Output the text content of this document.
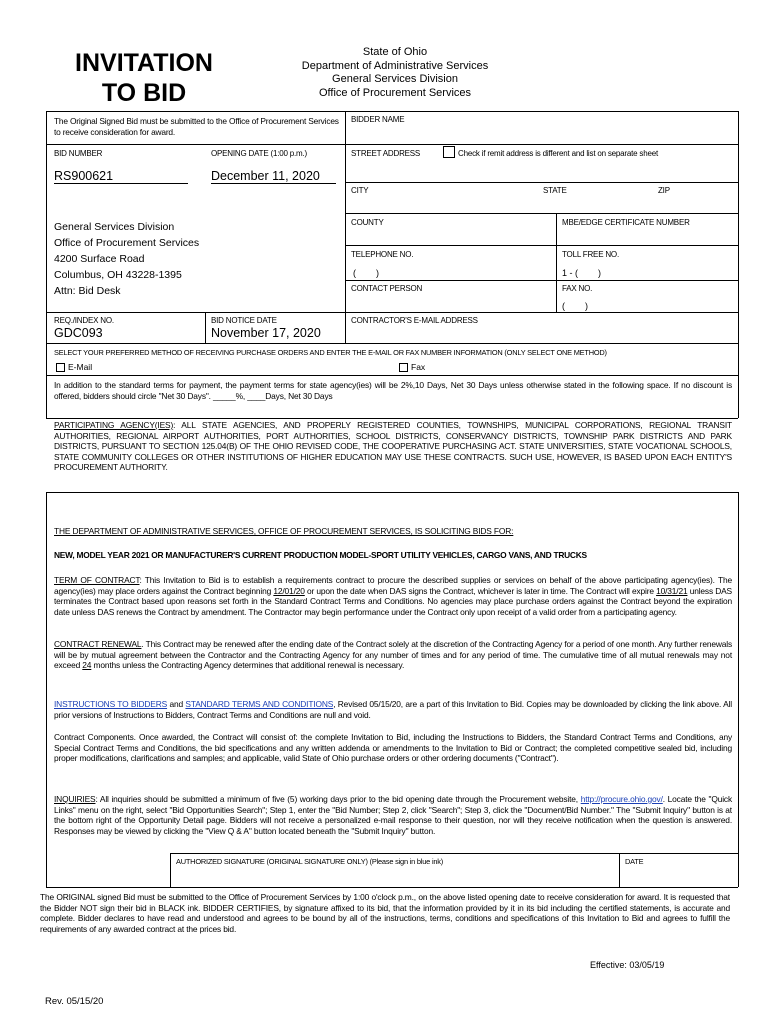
INVITATION
TO BID
State of Ohio
Department of Administrative Services
General Services Division
Office of Procurement Services
The Original Signed Bid must be submitted to the Office of Procurement Services to receive consideration for award.
BIDDER NAME
STREET ADDRESS	Check if remit address is different and list on separate sheet
CITY	STATE	ZIP
COUNTY	MBE/EDGE CERTIFICATE NUMBER
TELEPHONE NO.
(        )
TOLL FREE NO.
1 - (        )
CONTACT PERSON	FAX NO.
(        )
CONTRACTOR'S E-MAIL ADDRESS
BID NUMBER	OPENING DATE (1:00 p.m.)
RS900621	December 11, 2020
General Services Division
Office of Procurement Services
4200 Surface Road
Columbus, OH 43228-1395
Attn: Bid Desk
REQ./INDEX NO.
GDC093
BID NOTICE DATE
November 17, 2020
SELECT YOUR PREFERRED METHOD OF RECEIVING PURCHASE ORDERS AND ENTER THE E-MAIL OR FAX NUMBER INFORMATION (ONLY SELECT ONE METHOD)
E-Mail	Fax
In addition to the standard terms for payment, the payment terms for state agency(ies) will be 2%,10 Days, Net 30 Days unless otherwise stated in the following space. If no discount is offered, bidders should circle "Net 30 Days". _____%, ____Days, Net 30 Days
PARTICIPATING AGENCY(IES): ALL STATE AGENCIES, AND PROPERLY REGISTERED COUNTIES, TOWNSHIPS, MUNICIPAL CORPORATIONS, REGIONAL TRANSIT AUTHORITIES, REGIONAL AIRPORT AUTHORITIES, PORT AUTHORITIES, SCHOOL DISTRICTS, CONSERVANCY DISTRICTS, TOWNSHIP PARK DISTRICTS AND PARK DISTRICTS, PURSUANT TO SECTION 125.04(B) OF THE OHIO REVISED CODE, THE COOPERATIVE PURCHASING ACT. STATE UNIVERSITIES, STATE VOCATIONAL SCHOOLS, STATE COMMUNITY COLLEGES OR OTHER INSTITUTIONS OF HIGHER EDUCATION MAY USE THESE CONTRACTS. SUCH USE, HOWEVER, IS BASED UPON EACH ENTITY'S PROCUREMENT AUTHORITY.
THE DEPARTMENT OF ADMINISTRATIVE SERVICES, OFFICE OF PROCUREMENT SERVICES, IS SOLICITING BIDS FOR:
NEW, MODEL YEAR 2021 OR MANUFACTURER'S CURRENT PRODUCTION MODEL-SPORT UTILITY VEHICLES, CARGO VANS, AND TRUCKS
TERM OF CONTRACT: This Invitation to Bid is to establish a requirements contract to procure the described supplies or services on behalf of the above participating agency(ies). The agency(ies) may place orders against the Contract beginning 12/01/20 or upon the date when DAS signs the Contract, whichever is later in time. The Contract will expire 10/31/21 unless DAS terminates the Contract based upon reasons set forth in the Standard Contract Terms and Conditions. No agencies may place purchase orders against the Contract beyond the expiration date unless DAS renews the Contract by amendment. The Contractor may begin performance under the Contract only upon receipt of a valid order from a participating agency.
CONTRACT RENEWAL. This Contract may be renewed after the ending date of the Contract solely at the discretion of the Contracting Agency for a period of one month. Any further renewals will be by mutual agreement between the Contractor and the Contracting Agency for any number of times and for any period of time. The cumulative time of all mutual renewals may not exceed 24 months unless the Contracting Agency determines that additional renewal is necessary.
INSTRUCTIONS TO BIDDERS and STANDARD TERMS AND CONDITIONS, Revised 05/15/20, are a part of this Invitation to Bid. Copies may be downloaded by clicking the link above. All prior versions of Instructions to Bidders, Contract Terms and Conditions are null and void.
Contract Components. Once awarded, the Contract will consist of: the complete Invitation to Bid, including the Instructions to Bidders, the Standard Contract Terms and Conditions, any Special Contract Terms and Conditions, the bid specifications and any written addenda or amendments to the Invitation to Bid or Contract; the completed competitive sealed bid, including proper modifications, clarifications and samples; and applicable, valid State of Ohio purchase orders or other ordering documents ("Contract").
INQUIRIES: All inquiries should be submitted a minimum of five (5) working days prior to the bid opening date through the Procurement website, http://procure.ohio.gov/. Locate the "Quick Links" menu on the right, select "Bid Opportunities Search"; Step 1, enter the "Bid Number; Step 2, click "Search"; Step 3, click the "Document/Bid Number." The "Submit Inquiry" button is at the bottom right of the Opportunity Detail page. Bidders will not receive a personalized e-mail response to their question, nor will they receive notification when the question is answered. Responses may be viewed by clicking the "View Q & A" button located beneath the "Submit Inquiry" button.
AUTHORIZED SIGNATURE (ORIGINAL SIGNATURE ONLY) (Please sign in blue ink)	DATE
The ORIGINAL signed Bid must be submitted to the Office of Procurement Services by 1:00 o'clock p.m., on the above listed opening date to receive consideration for award. It is requested that the Bidder NOT sign their bid in BLACK ink. BIDDER CERTIFIES, by signature affixed to its bid, that the information provided by it in its bid including the certified statements, is accurate and complete. Bidder declares to have read and understood and agrees to be bound by all of the instructions, terms, conditions and specifications of this Invitation to Bid and agrees to fulfill the requirements of any awarded contract at the prices bid.
Effective: 03/05/19
Rev. 05/15/20
